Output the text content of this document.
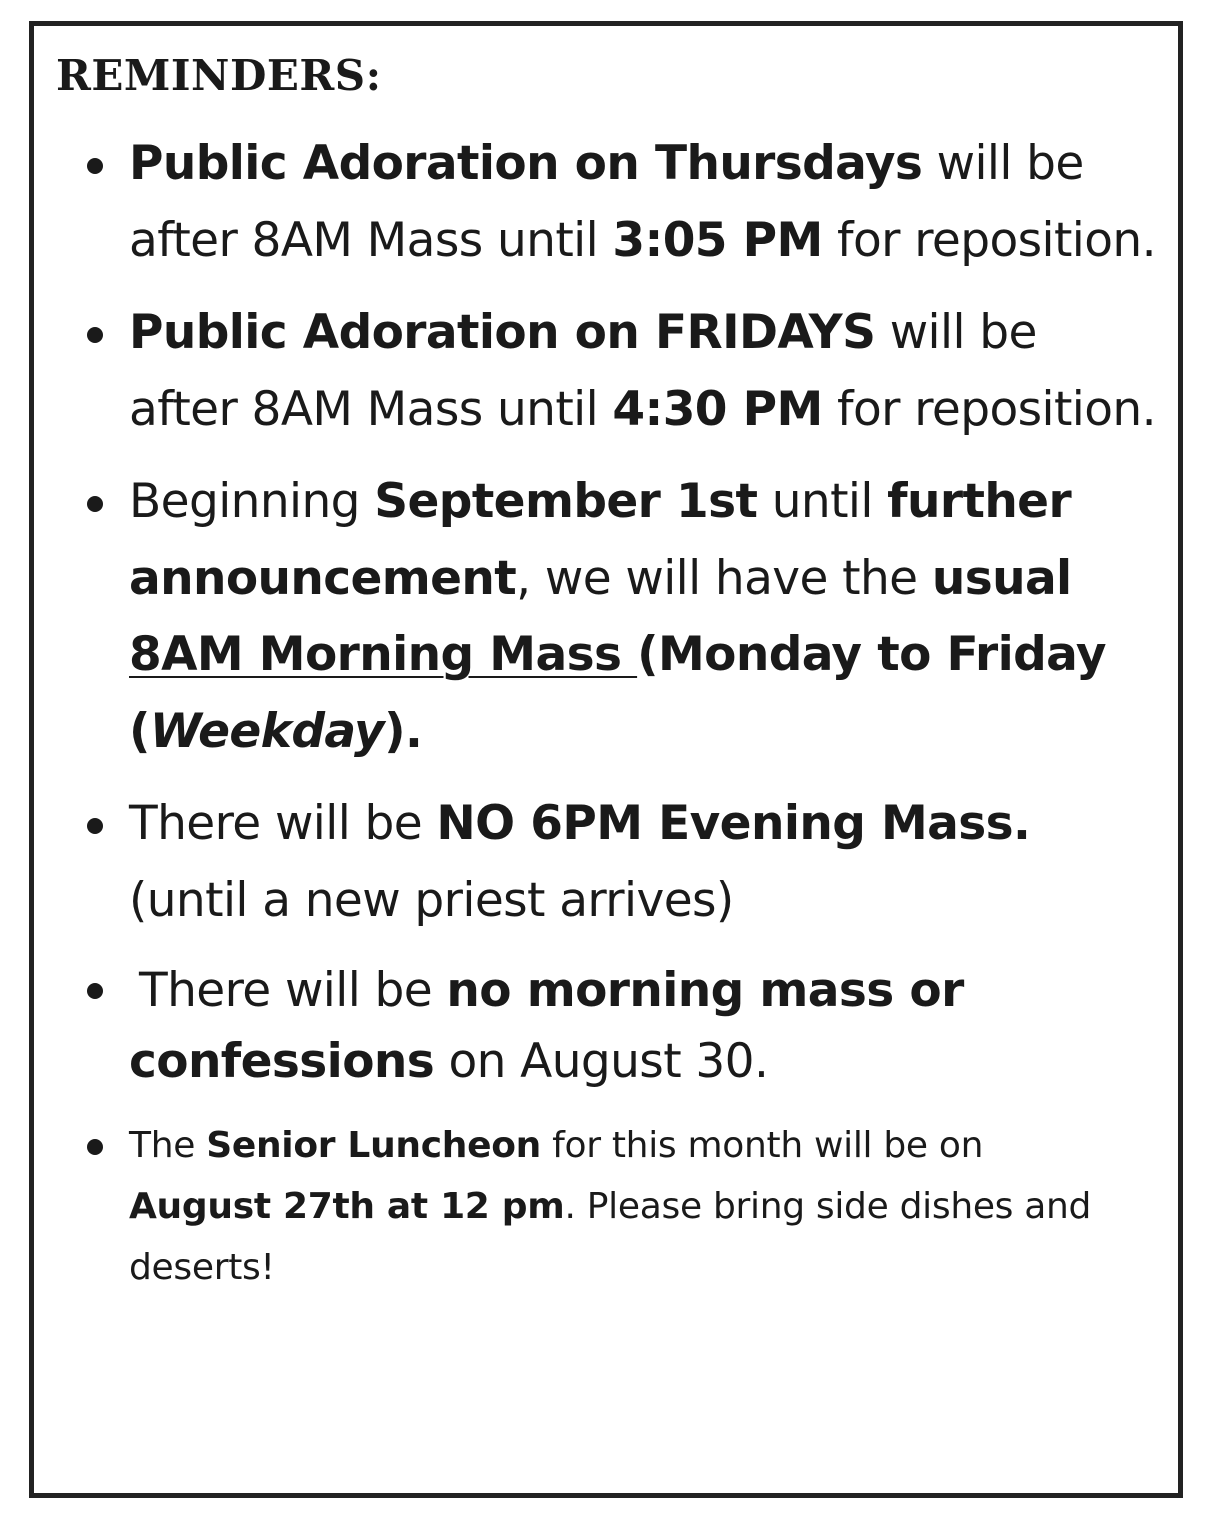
REMINDERS:
Public Adoration on Thursdays will be after 8AM Mass until 3:05 PM for reposition.
Public Adoration on FRIDAYS will be after 8AM Mass until 4:30 PM for reposition.
Beginning September 1st until further announcement, we will have the usual
8AM Morning Mass (Monday to Friday (Weekday).
There will be NO 6PM Evening Mass.
(until a new priest arrives)
There will be no morning mass or confessions on August 30.
The Senior Luncheon for this month will be on
August 27th at 12 pm. Please bring side dishes and deserts!
